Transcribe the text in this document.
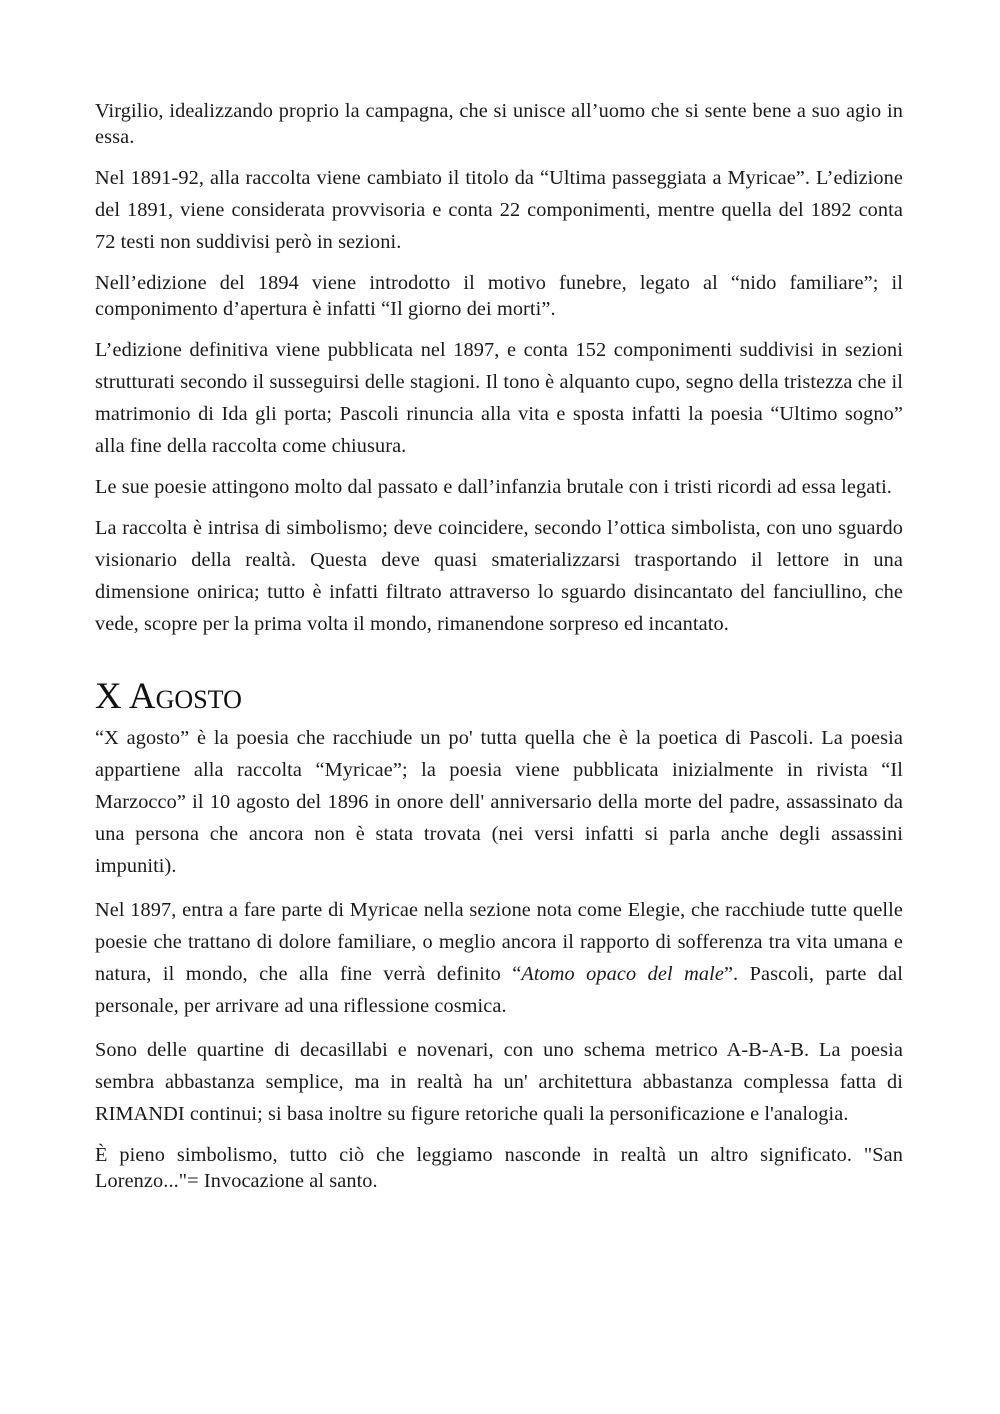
Virgilio, idealizzando proprio la campagna, che si unisce all’uomo che si sente bene a suo agio in essa.

Nel 1891-92, alla raccolta viene cambiato il titolo da “Ultima passeggiata a Myricae”. L’edizione del 1891, viene considerata provvisoria e conta 22 componimenti, mentre quella del 1892 conta 72 testi non suddivisi però in sezioni.

Nell’edizione del 1894 viene introdotto il motivo funebre, legato al “nido familiare”; il componimento d’apertura è infatti “Il giorno dei morti”.

L’edizione definitiva viene pubblicata nel 1897, e conta 152 componimenti suddivisi in sezioni strutturati secondo il susseguirsi delle stagioni. Il tono è alquanto cupo, segno della tristezza che il matrimonio di Ida gli porta; Pascoli rinuncia alla vita e sposta infatti la poesia “Ultimo sogno” alla fine della raccolta come chiusura.

Le sue poesie attingono molto dal passato e dall’infanzia brutale con i tristi ricordi ad essa legati.

La raccolta è intrisa di simbolismo; deve coincidere, secondo l’ottica simbolista, con uno sguardo visionario della realtà. Questa deve quasi smaterializzarsi trasportando il lettore in una dimensione onirica; tutto è infatti filtrato attraverso lo sguardo disincantato del fanciullino, che vede, scopre per la prima volta il mondo, rimanendone sorpreso ed incantato.

X Agosto

“X agosto” è la poesia che racchiude un po' tutta quella che è la poetica di Pascoli. La poesia appartiene alla raccolta “Myricae”; la poesia viene pubblicata inizialmente in rivista “Il Marzocco” il 10 agosto del 1896 in onore dell' anniversario della morte del padre, assassinato da una persona che ancora non è stata trovata (nei versi infatti si parla anche degli assassini impuniti).

Nel 1897, entra a fare parte di Myricae nella sezione nota come Elegie, che racchiude tutte quelle poesie che trattano di dolore familiare, o meglio ancora il rapporto di sofferenza tra vita umana e natura, il mondo, che alla fine verrà definito “Atomo opaco del male”. Pascoli, parte dal personale, per arrivare ad una riflessione cosmica.

Sono delle quartine di decasillabi e novenari, con uno schema metrico A-B-A-B. La poesia sembra abbastanza semplice, ma in realtà ha un' architettura abbastanza complessa fatta di RIMANDI continui; si basa inoltre su figure retoriche quali la personificazione e l'analogia.

È pieno simbolismo, tutto ciò che leggiamo nasconde in realtà un altro significato. "San Lorenzo..."= Invocazione al santo.
